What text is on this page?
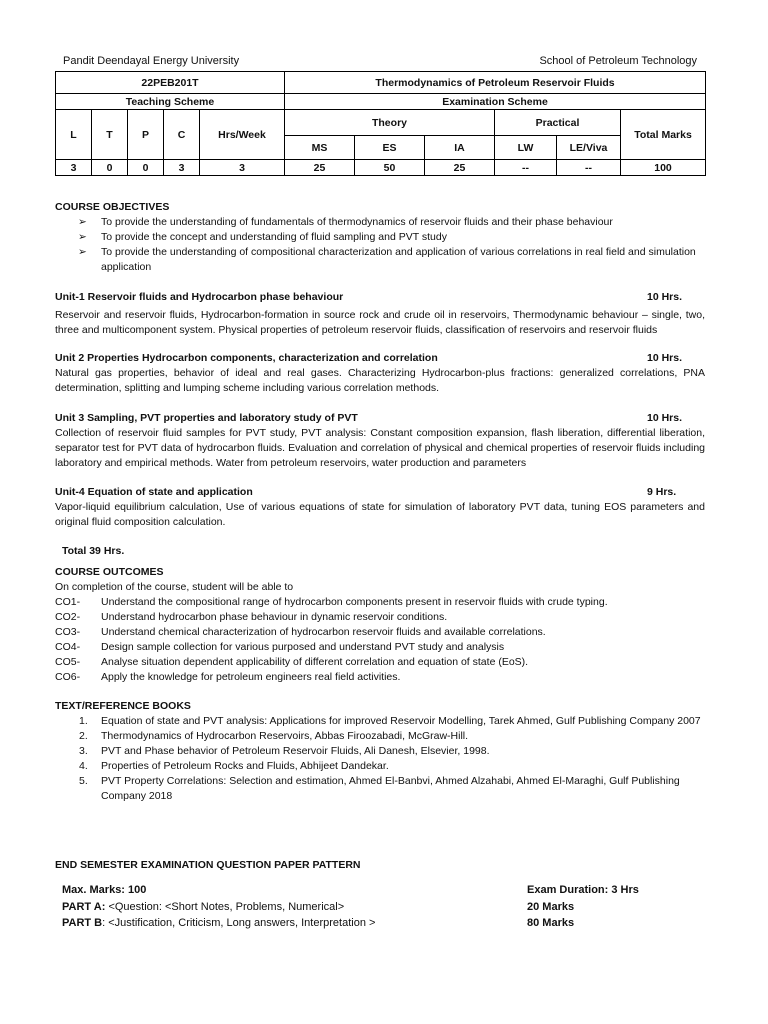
Pandit Deendayal Energy University	School of Petroleum Technology
22PEB201T					Thermodynamics of Petroleum Reservoir Fluids					
Teaching Scheme					Examination Scheme					
L	T	P	C	Hrs/Week	Theory			Practical		Total Marks
					MS	ES	IA	LW	LE/Viva	
3	0	0	3	3	25	50	25	--	--	100
COURSE OBJECTIVES
➢ To provide the understanding of fundamentals of thermodynamics of reservoir fluids and their phase behaviour
➢ To provide the concept and understanding of fluid sampling and PVT study
➢ To provide the understanding of compositional characterization and application of various correlations in real field and simulation application
Unit-1 Reservoir fluids and Hydrocarbon phase behaviour	10 Hrs.
Reservoir and reservoir fluids, Hydrocarbon-formation in source rock and crude oil in reservoirs, Thermodynamic behaviour – single, two, three and multicomponent system. Physical properties of petroleum reservoir fluids, classification of reservoirs and reservoir fluids
Unit 2 Properties Hydrocarbon components, characterization and correlation	10 Hrs.
Natural gas properties, behavior of ideal and real gases. Characterizing Hydrocarbon-plus fractions: generalized correlations, PNA determination, splitting and lumping scheme including various correlation methods.
Unit 3 Sampling, PVT properties and laboratory study of PVT	10 Hrs.
Collection of reservoir fluid samples for PVT study, PVT analysis: Constant composition expansion, flash liberation, differential liberation, separator test for PVT data of hydrocarbon fluids. Evaluation and correlation of physical and chemical properties of reservoir fluids including laboratory and empirical methods. Water from petroleum reservoirs, water production and parameters
Unit-4 Equation of state and application	9 Hrs.
Vapor-liquid equilibrium calculation, Use of various equations of state for simulation of laboratory PVT data, tuning EOS parameters and original fluid composition calculation.
Total 39 Hrs.
COURSE OUTCOMES
On completion of the course, student will be able to
CO1-	Understand the compositional range of hydrocarbon components present in reservoir fluids with crude typing.
CO2-	Understand hydrocarbon phase behaviour in dynamic reservoir conditions.
CO3-	Understand chemical characterization of hydrocarbon reservoir fluids and available correlations.
CO4-	Design sample collection for various purposed and understand PVT study and analysis
CO5-	Analyse situation dependent applicability of different correlation and equation of state (EoS).
CO6-	Apply the knowledge for petroleum engineers real field activities.
TEXT/REFERENCE BOOKS
1. Equation of state and PVT analysis: Applications for improved Reservoir Modelling, Tarek Ahmed, Gulf Publishing Company 2007
2. Thermodynamics of Hydrocarbon Reservoirs, Abbas Firoozabadi, McGraw-Hill.
3. PVT and Phase behavior of Petroleum Reservoir Fluids, Ali Danesh, Elsevier, 1998.
4. Properties of Petroleum Rocks and Fluids, Abhijeet Dandekar.
5. PVT Property Correlations: Selection and estimation, Ahmed El-Banbvi, Ahmed Alzahabi, Ahmed El-Maraghi, Gulf Publishing Company 2018
END SEMESTER EXAMINATION QUESTION PAPER PATTERN
Max. Marks: 100	Exam Duration: 3 Hrs
PART A: <Question: <Short Notes, Problems, Numerical>	20 Marks
PART B: <Justification, Criticism, Long answers, Interpretation >	80 Marks
